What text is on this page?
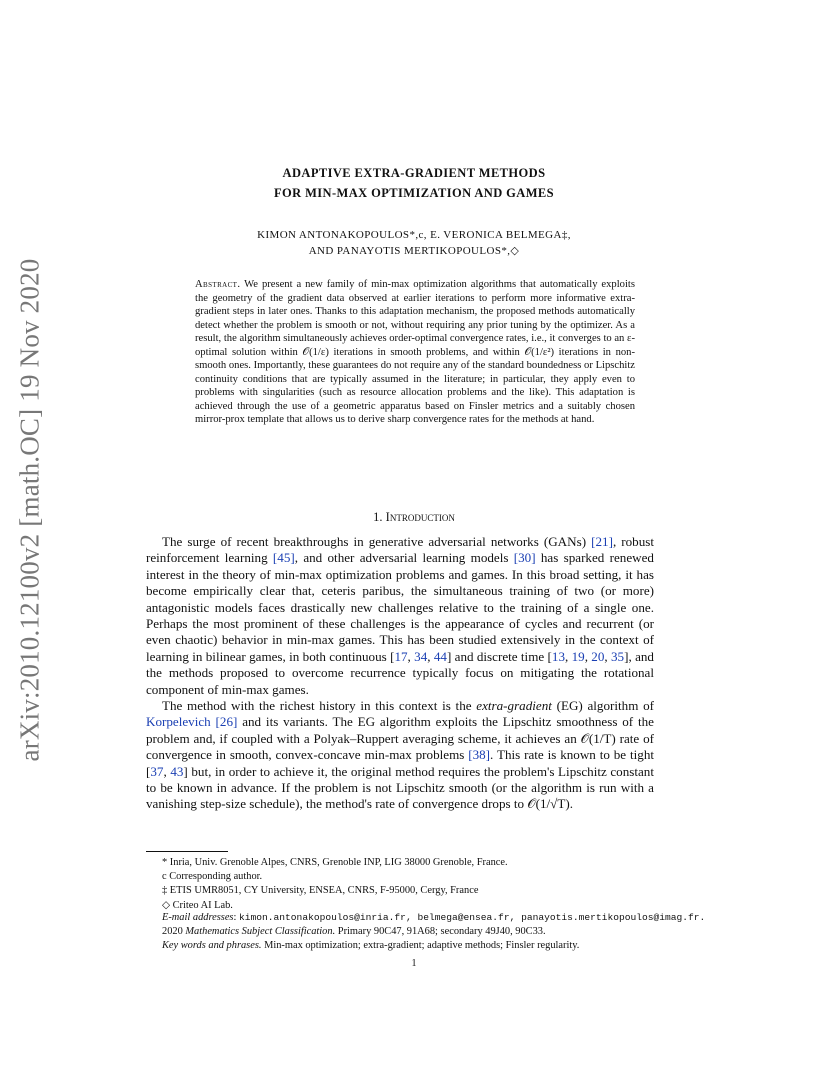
arXiv:2010.12100v2 [math.OC] 19 Nov 2020
ADAPTIVE EXTRA-GRADIENT METHODS
FOR MIN-MAX OPTIMIZATION AND GAMES
KIMON ANTONAKOPOULOS*,c, E. VERONICA BELMEGA‡,
AND PANAYOTIS MERTIKOPOULOS*,◇
Abstract. We present a new family of min-max optimization algorithms that automatically exploits the geometry of the gradient data observed at earlier iterations to perform more informative extra-gradient steps in later ones. Thanks to this adaptation mechanism, the proposed methods automatically detect whether the problem is smooth or not, without requiring any prior tuning by the optimizer. As a result, the algorithm simultaneously achieves order-optimal convergence rates, i.e., it converges to an ε-optimal solution within 𝒪(1/ε) iterations in smooth problems, and within 𝒪(1/ε²) iterations in non-smooth ones. Importantly, these guarantees do not require any of the standard boundedness or Lipschitz continuity conditions that are typically assumed in the literature; in particular, they apply even to problems with singularities (such as resource allocation problems and the like). This adaptation is achieved through the use of a geometric apparatus based on Finsler metrics and a suitably chosen mirror-prox template that allows us to derive sharp convergence rates for the methods at hand.
1. Introduction

The surge of recent breakthroughs in generative adversarial networks (GANs) [21], robust reinforcement learning [45], and other adversarial learning models [30] has sparked renewed interest in the theory of min-max optimization problems and games. In this broad setting, it has become empirically clear that, ceteris paribus, the simultaneous training of two (or more) antagonistic models faces drastically new challenges relative to the training of a single one. Perhaps the most prominent of these challenges is the appearance of cycles and recurrent (or even chaotic) behavior in min-max games. This has been studied extensively in the context of learning in bilinear games, in both continuous [17, 34, 44] and discrete time [13, 19, 20, 35], and the methods proposed to overcome recurrence typically focus on mitigating the rotational component of min-max games.

The method with the richest history in this context is the extra-gradient (EG) algorithm of Korpelevich [26] and its variants. The EG algorithm exploits the Lipschitz smoothness of the problem and, if coupled with a Polyak–Ruppert averaging scheme, it achieves an 𝒪(1/T) rate of convergence in smooth, convex-concave min-max problems [38]. This rate is known to be tight [37, 43] but, in order to achieve it, the original method requires the problem's Lipschitz constant to be known in advance. If the problem is not Lipschitz smooth (or the algorithm is run with a vanishing step-size schedule), the method's rate of convergence drops to 𝒪(1/√T).

* Inria, Univ. Grenoble Alpes, CNRS, Grenoble INP, LIG 38000 Grenoble, France.
c Corresponding author.
‡ ETIS UMR8051, CY University, ENSEA, CNRS, F-95000, Cergy, France
◇ Criteo AI Lab.
E-mail addresses: kimon.antonakopoulos@inria.fr, belmega@ensea.fr, panayotis.mertikopoulos@imag.fr.
2020 Mathematics Subject Classification. Primary 90C47, 91A68; secondary 49J40, 90C33.
Key words and phrases. Min-max optimization; extra-gradient; adaptive methods; Finsler regularity.
1
